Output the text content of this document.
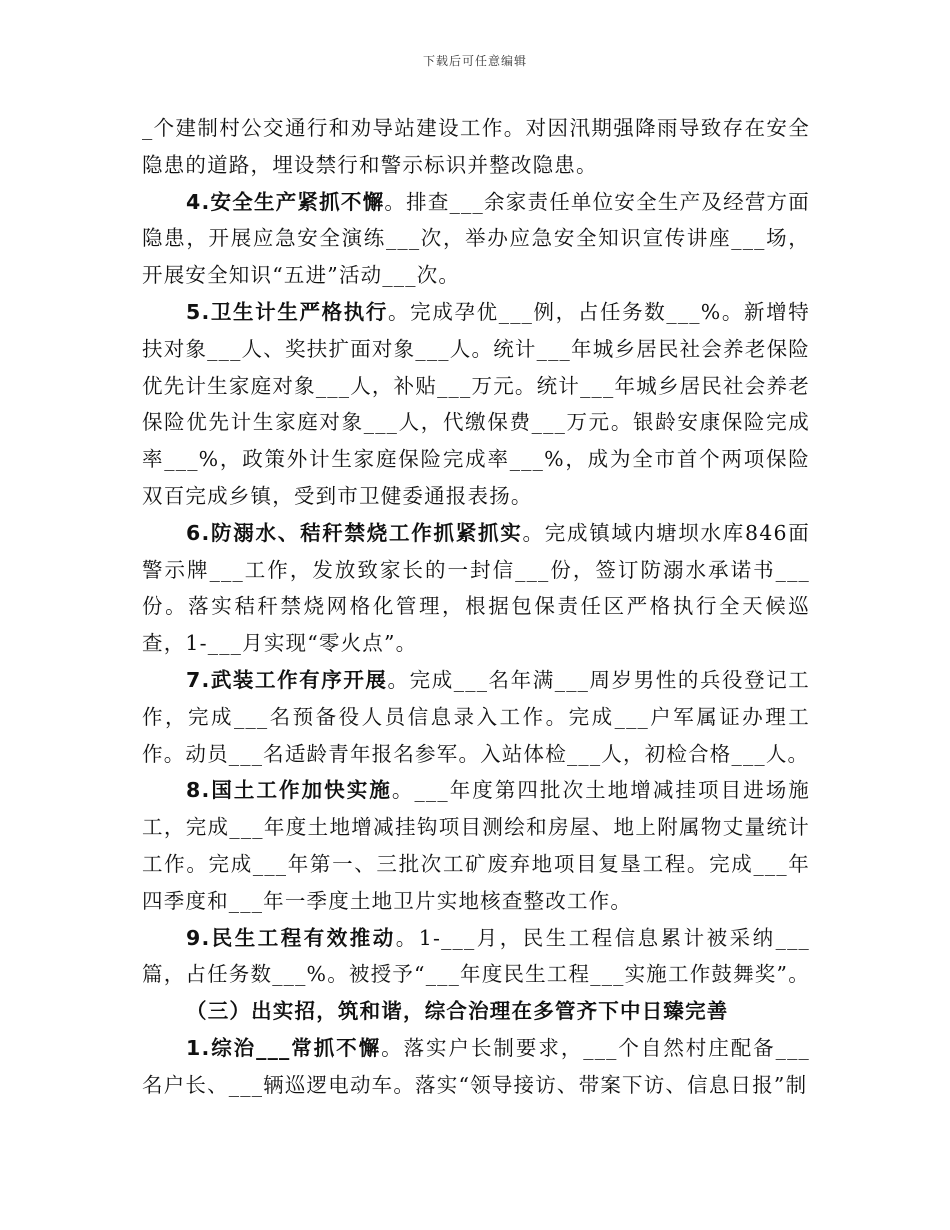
下载后可任意编辑

_个建制村公交通行和劝导站建设工作。对因汛期强降雨导致存在安全隐患的道路，埋设禁行和警示标识并整改隐患。

4.安全生产紧抓不懈。排查___余家责任单位安全生产及经营方面隐患，开展应急安全演练___次，举办应急安全知识宣传讲座___场，开展安全知识“五进”活动___次。

5.卫生计生严格执行。完成孕优___例，占任务数___%。新增特扶对象___人、奖扶扩面对象___人。统计___年城乡居民社会养老保险优先计生家庭对象___人，补贴___万元。统计___年城乡居民社会养老保险优先计生家庭对象___人，代缴保费___万元。银龄安康保险完成率___%，政策外计生家庭保险完成率___%，成为全市首个两项保险双百完成乡镇，受到市卫健委通报表扬。

6.防溺水、秸秆禁烧工作抓紧抓实。完成镇域内塘坝水库846面警示牌___工作，发放致家长的一封信___份，签订防溺水承诺书___份。落实秸秆禁烧网格化管理，根据包保责任区严格执行全天候巡查，1-___月实现“零火点”。

7.武装工作有序开展。完成___名年满___周岁男性的兵役登记工作，完成___名预备役人员信息录入工作。完成___户军属证办理工作。动员___名适龄青年报名参军。入站体检___人，初检合格___人。

8.国土工作加快实施。___年度第四批次土地增减挂项目进场施工，完成___年度土地增减挂钩项目测绘和房屋、地上附属物丈量统计工作。完成___年第一、三批次工矿废弃地项目复垦工程。完成___年四季度和___年一季度土地卫片实地核查整改工作。

9.民生工程有效推动。1-___月，民生工程信息累计被采纳___篇，占任务数___%。被授予“___年度民生工程___实施工作鼓舞奖”。

（三）出实招，筑和谐，综合治理在多管齐下中日臻完善

1.综治___常抓不懈。落实户长制要求，___个自然村庄配备___名户长、___辆巡逻电动车。落实“领导接访、带案下访、信息日报”制
